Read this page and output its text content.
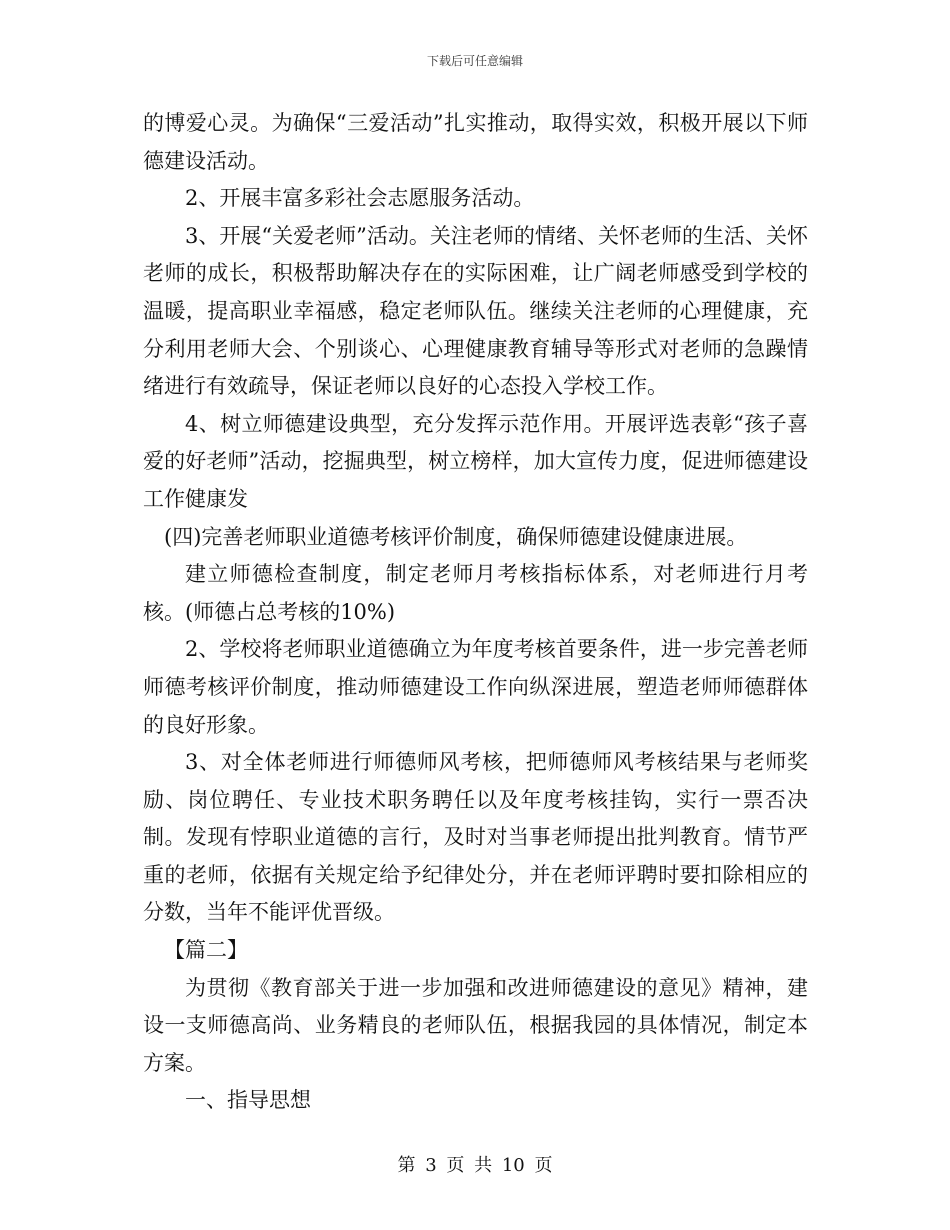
下载后可任意编辑

的博爱心灵。为确保“三爱活动”扎实推动，取得实效，积极开展以下师德建设活动。

2、开展丰富多彩社会志愿服务活动。

3、开展“关爱老师”活动。关注老师的情绪、关怀老师的生活、关怀老师的成长，积极帮助解决存在的实际困难，让广阔老师感受到学校的温暖，提高职业幸福感，稳定老师队伍。继续关注老师的心理健康，充分利用老师大会、个别谈心、心理健康教育辅导等形式对老师的急躁情绪进行有效疏导，保证老师以良好的心态投入学校工作。

4、树立师德建设典型，充分发挥示范作用。开展评选表彰“孩子喜爱的好老师”活动，挖掘典型，树立榜样，加大宣传力度，促进师德建设工作健康发

(四)完善老师职业道德考核评价制度，确保师德建设健康进展。

建立师德检查制度，制定老师月考核指标体系，对老师进行月考核。(师德占总考核的10%)

2、学校将老师职业道德确立为年度考核首要条件，进一步完善老师师德考核评价制度，推动师德建设工作向纵深进展，塑造老师师德群体的良好形象。

3、对全体老师进行师德师风考核，把师德师风考核结果与老师奖励、岗位聘任、专业技术职务聘任以及年度考核挂钩，实行一票否决制。发现有悖职业道德的言行，及时对当事老师提出批判教育。情节严重的老师，依据有关规定给予纪律处分，并在老师评聘时要扣除相应的分数，当年不能评优晋级。

【篇二】

为贯彻《教育部关于进一步加强和改进师德建设的意见》精神，建设一支师德高尚、业务精良的老师队伍，根据我园的具体情况，制定本方案。

一、指导思想

第 3 页 共 10 页
